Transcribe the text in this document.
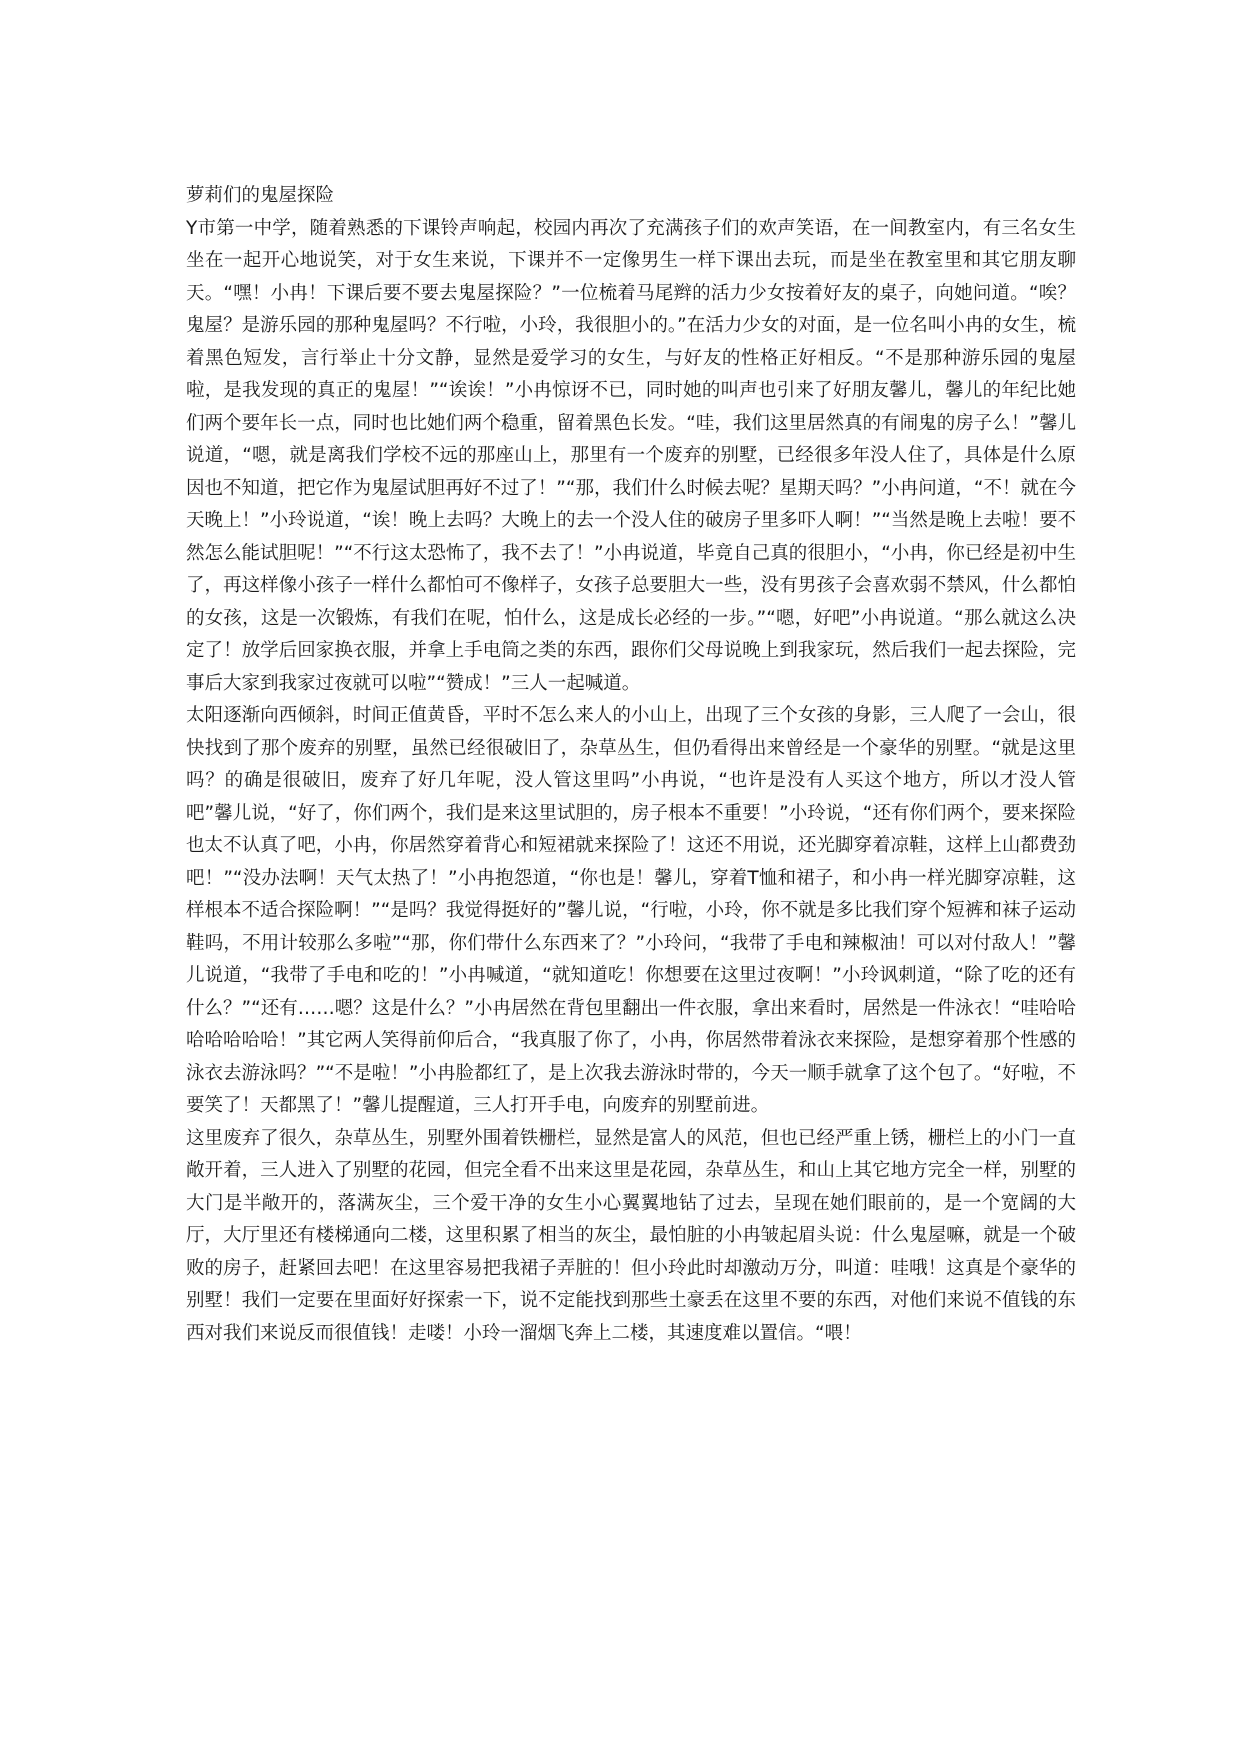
萝莉们的鬼屋探险

Y市第一中学，随着熟悉的下课铃声响起，校园内再次了充满孩子们的欢声笑语，在一间教室内，有三名女生坐在一起开心地说笑，对于女生来说，下课并不一定像男生一样下课出去玩，而是坐在教室里和其它朋友聊天。“嘿！小冉！下课后要不要去鬼屋探险？”一位梳着马尾辫的活力少女按着好友的桌子，向她问道。“唉？鬼屋？是游乐园的那种鬼屋吗？不行啦，小玲，我很胆小的。”在活力少女的对面，是一位名叫小冉的女生，梳着黑色短发，言行举止十分文静，显然是爱学习的女生，与好友的性格正好相反。“不是那种游乐园的鬼屋啦，是我发现的真正的鬼屋！”“诶诶！”小冉惊讶不已，同时她的叫声也引来了好朋友馨儿，馨儿的年纪比她们两个要年长一点，同时也比她们两个稳重，留着黑色长发。“哇，我们这里居然真的有闹鬼的房子么！”馨儿说道，“嗯，就是离我们学校不远的那座山上，那里有一个废弃的别墅，已经很多年没人住了，具体是什么原因也不知道，把它作为鬼屋试胆再好不过了！”“那，我们什么时候去呢？星期天吗？”小冉问道，“不！就在今天晚上！”小玲说道，“诶！晚上去吗？大晚上的去一个没人住的破房子里多吓人啊！”“当然是晚上去啦！要不然怎么能试胆呢！”“不行这太恐怖了，我不去了！”小冉说道，毕竟自己真的很胆小，“小冉，你已经是初中生了，再这样像小孩子一样什么都怕可不像样子，女孩子总要胆大一些，没有男孩子会喜欢弱不禁风，什么都怕的女孩，这是一次锻炼，有我们在呢，怕什么，这是成长必经的一步。”“嗯，好吧”小冉说道。“那么就这么决定了！放学后回家换衣服，并拿上手电筒之类的东西，跟你们父母说晚上到我家玩，然后我们一起去探险，完事后大家到我家过夜就可以啦”“赞成！”三人一起喊道。

太阳逐渐向西倾斜，时间正值黄昏，平时不怎么来人的小山上，出现了三个女孩的身影，三人爬了一会山，很快找到了那个废弃的别墅，虽然已经很破旧了，杂草丛生，但仍看得出来曾经是一个豪华的别墅。“就是这里吗？的确是很破旧，废弃了好几年呢，没人管这里吗”小冉说，“也许是没有人买这个地方，所以才没人管吧”馨儿说，“好了，你们两个，我们是来这里试胆的，房子根本不重要！”小玲说，“还有你们两个，要来探险也太不认真了吧，小冉，你居然穿着背心和短裙就来探险了！这还不用说，还光脚穿着凉鞋，这样上山都费劲吧！”“没办法啊！天气太热了！”小冉抱怨道，“你也是！馨儿，穿着T恤和裙子，和小冉一样光脚穿凉鞋，这样根本不适合探险啊！”“是吗？我觉得挺好的”馨儿说，“行啦，小玲，你不就是多比我们穿个短裤和袜子运动鞋吗，不用计较那么多啦”“那，你们带什么东西来了？”小玲问，“我带了手电和辣椒油！可以对付敌人！”馨儿说道，“我带了手电和吃的！”小冉喊道，“就知道吃！你想要在这里过夜啊！”小玲讽刺道，“除了吃的还有什么？”“还有……嗯？这是什么？”小冉居然在背包里翻出一件衣服，拿出来看时，居然是一件泳衣！“哇哈哈哈哈哈哈哈！”其它两人笑得前仰后合，“我真服了你了，小冉，你居然带着泳衣来探险，是想穿着那个性感的泳衣去游泳吗？”“不是啦！”小冉脸都红了，是上次我去游泳时带的，今天一顺手就拿了这个包了。“好啦，不要笑了！天都黑了！”馨儿提醒道，三人打开手电，向废弃的别墅前进。

这里废弃了很久，杂草丛生，别墅外围着铁栅栏，显然是富人的风范，但也已经严重上锈，栅栏上的小门一直敞开着，三人进入了别墅的花园，但完全看不出来这里是花园，杂草丛生，和山上其它地方完全一样，别墅的大门是半敞开的，落满灰尘，三个爱干净的女生小心翼翼地钻了过去，呈现在她们眼前的，是一个宽阔的大厅，大厅里还有楼梯通向二楼，这里积累了相当的灰尘，最怕脏的小冉皱起眉头说：什么鬼屋嘛，就是一个破败的房子，赶紧回去吧！在这里容易把我裙子弄脏的！但小玲此时却激动万分，叫道：哇哦！这真是个豪华的别墅！我们一定要在里面好好探索一下，说不定能找到那些土豪丢在这里不要的东西，对他们来说不值钱的东西对我们来说反而很值钱！走喽！小玲一溜烟飞奔上二楼，其速度难以置信。“喂！
